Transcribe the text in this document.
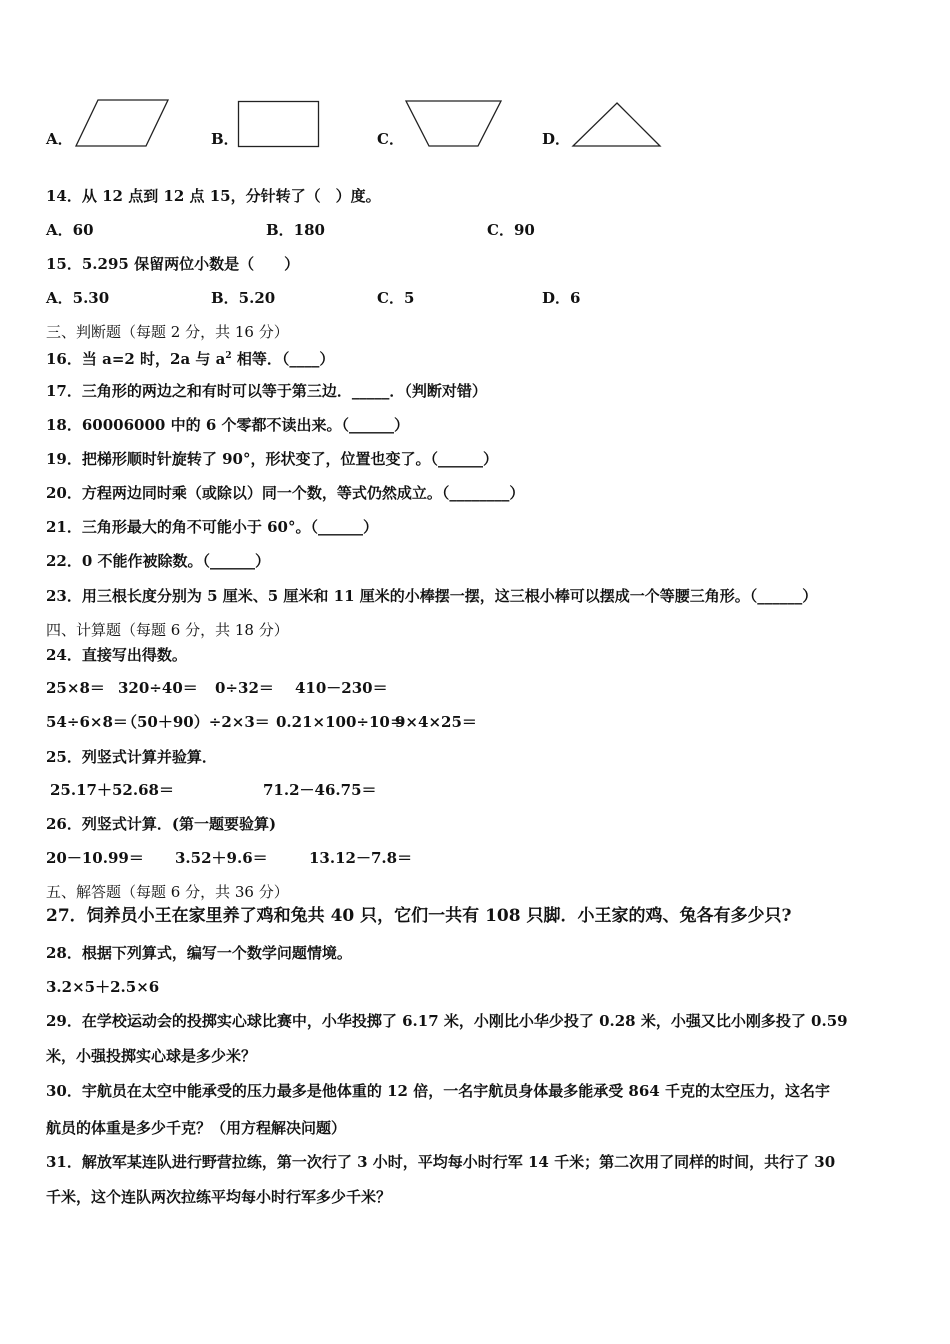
A．	B．	C．	D．
14．从 12 点到 12 点 15，分针转了（　）度。
A．60	B．180	C．90
15．5.295 保留两位小数是（　　）
A．5.30	B．5.20	C．5	D．6
三、判断题（每题 2 分，共 16 分）
16．当 a=2 时，2a 与 $a^2$ 相等．（____）
17．三角形的两边之和有时可以等于第三边．_____．（判断对错）
18．60006000 中的 6 个零都不读出来。（______）
19．把梯形顺时针旋转了 90°，形状变了，位置也变了。（______）
20．方程两边同时乘（或除以）同一个数，等式仍然成立。（________）
21．三角形最大的角不可能小于 60°。（______）
22．0 不能作被除数。（______）
23．用三根长度分别为 5 厘米、5 厘米和 11 厘米的小棒摆一摆，这三根小棒可以摆成一个等腰三角形。（______）
四、计算题（每题 6 分，共 18 分）
24．直接写出得数。
25×8＝ 320÷40＝ 0÷32＝ 410－230＝
54÷6×8＝
（50＋90）÷2×3＝ 0.21×100÷10＝
9×4×25＝
25．列竖式计算并验算．
25.17＋52.68＝	71.2－46.75＝
26．列竖式计算．(第一题要验算)
20－10.99＝ 3.52＋9.6＝	13.12－7.8＝
五、解答题（每题 6 分，共 36 分）
27．饲养员小王在家里养了鸡和兔共 40 只，它们一共有 108 只脚．小王家的鸡、兔各有多少只?
28．根据下列算式，编写一个数学问题情境。
3.2×5＋2.5×6
29．在学校运动会的投掷实心球比赛中，小华投掷了 6.17 米，小刚比小华少投了 0.28 米，小强又比小刚多投了 0.59
米，小强投掷实心球是多少米？
30．宇航员在太空中能承受的压力最多是他体重的 12 倍，一名宇航员身体最多能承受 864 千克的太空压力，这名宇
航员的体重是多少千克？（用方程解决问题）
31．解放军某连队进行野营拉练，第一次行了 3 小时，平均每小时行军 14 千米；第二次用了同样的时间，共行了 30
千米，这个连队两次拉练平均每小时行军多少千米？
